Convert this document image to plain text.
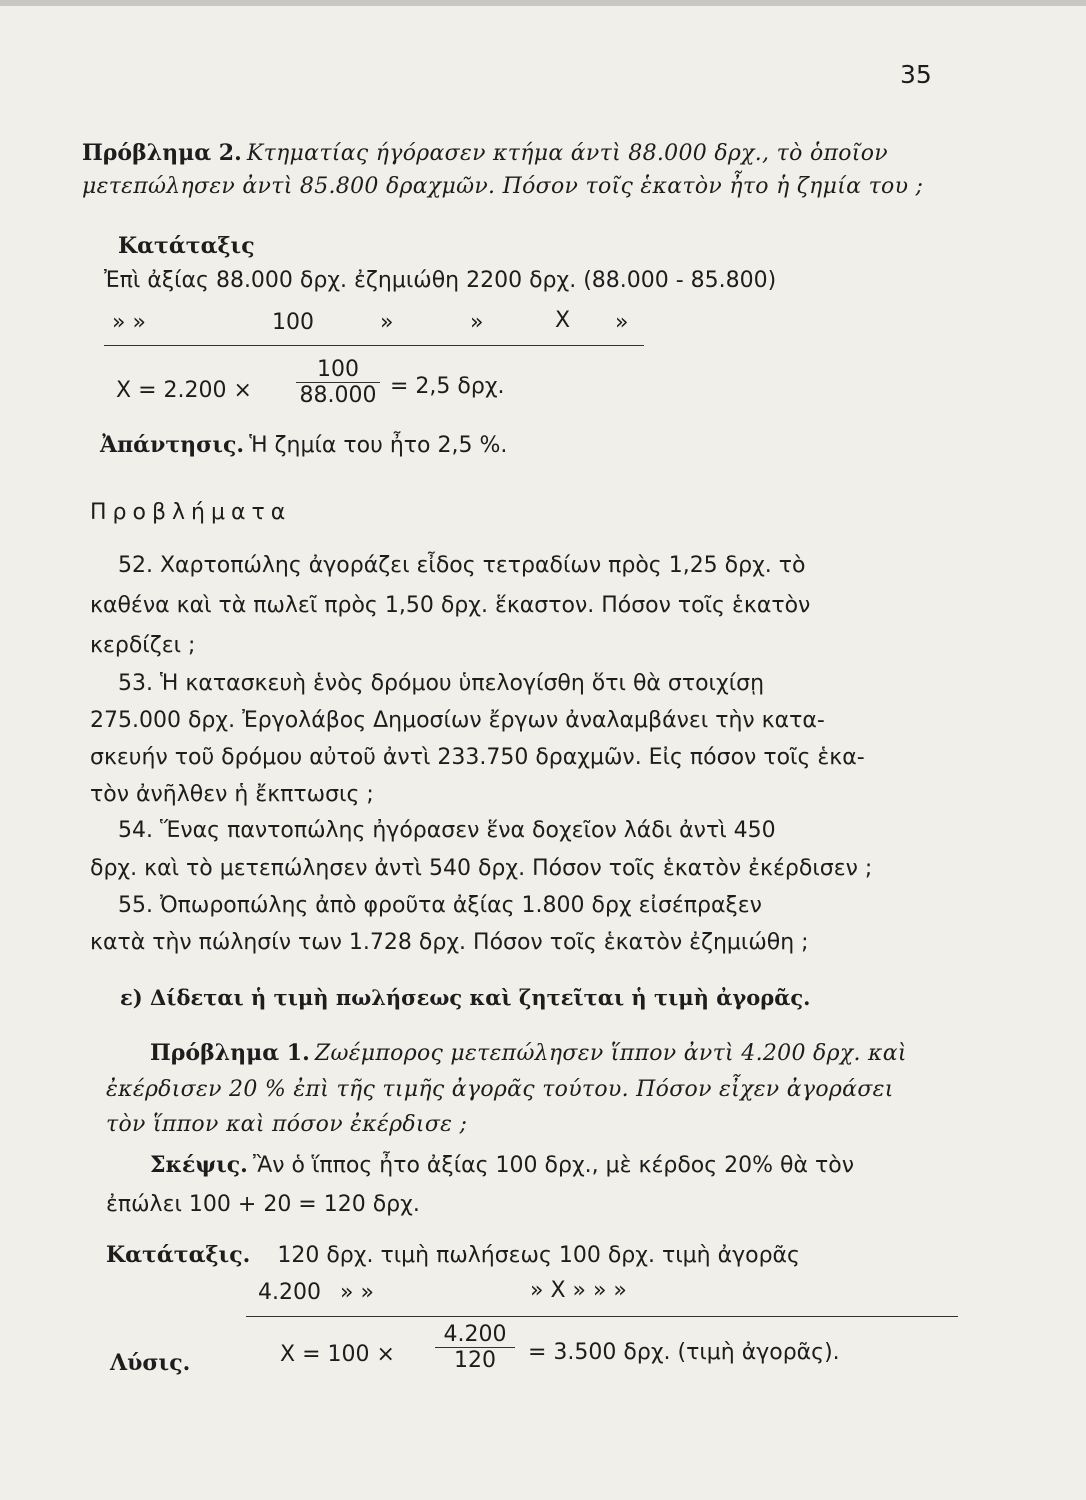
35
Πρόβλημα 2. Κτηματίας ήγόρασεν κτήμα άντὶ 88.000 δρχ., τὸ ὁποῖον
μετεπώλησεν ἀντὶ 85.800 δραχμῶν. Πόσον τοῖς ἑκατὸν ἦτο ἡ ζημία του ;
Κατάταξις
Ἐπὶ ἀξίας 88.000 δρχ. ἐζημιώθη 2200 δρχ. (88.000 - 85.800)
» »	100	»	»	X »
$X = 2.200 \times \frac{100}{88.000} = 2,5$ δρχ.
Ἀπάντησις. Ἡ ζημία του ἦτο 2,5 %.
Προβλήματα
52. Χαρτοπώλης ἀγοράζει εἶδος τετραδίων πρὸς 1,25 δρχ. τὸ
καθένα καὶ τὰ πωλεῖ πρὸς 1,50 δρχ. ἕκαστον. Πόσον τοῖς ἑκατὸν
κερδίζει ;
53. Ἡ κατασκευὴ ἑνὸς δρόμου ὑπελογίσθη ὅτι θὰ στοιχίσῃ
275.000 δρχ. Ἐργολάβος Δημοσίων ἔργων ἀναλαμβάνει τὴν κατα-
σκευήν τοῦ δρόμου αὐτοῦ ἀντὶ 233.750 δραχμῶν. Εἰς πόσον τοῖς ἑκα-
τὸν ἀνῆλθεν ἡ ἔκπτωσις ;
54. Ἕνας παντοπώλης ἠγόρασεν ἕνα δοχεῖον λάδι ἀντὶ 450
δρχ. καὶ τὸ μετεπώλησεν ἀντὶ 540 δρχ. Πόσον τοῖς ἑκατὸν ἐκέρδισεν ;
55. Ὀπωροπώλης ἀπὸ φροῦτα ἀξίας 1.800 δρχ εἰσέπραξεν
κατὰ τὴν πώλησίν των 1.728 δρχ. Πόσον τοῖς ἑκατὸν ἐζημιώθη ;
ε) Δίδεται ἡ τιμὴ πωλήσεως καὶ ζητεῖται ἡ τιμὴ ἀγορᾶς.
Πρόβλημα 1. Ζωέμπορος μετεπώλησεν ἵππον ἀντὶ 4.200 δρχ. καὶ
ἐκέρδισεν 20 % ἐπὶ τῆς τιμῆς ἀγορᾶς τούτου. Πόσον εἶχεν ἀγοράσει
τὸν ἵππον καὶ πόσον ἐκέρδισε ;
Σκέψις. Ἂν ὁ ἵππος ἦτο ἀξίας 100 δρχ., μὲ κέρδος 20% θὰ τὸν
ἐπώλει 100 + 20 = 120 δρχ.
Κατάταξις. 120 δρχ. τιμὴ πωλήσεως 100 δρχ. τιμὴ ἀγορᾶς
4.200 » »	» X » » »
Λύσις.	$X = 100 \times \frac{4.200}{120} = 3.500$ δρχ. (τιμὴ ἀγορᾶς).
